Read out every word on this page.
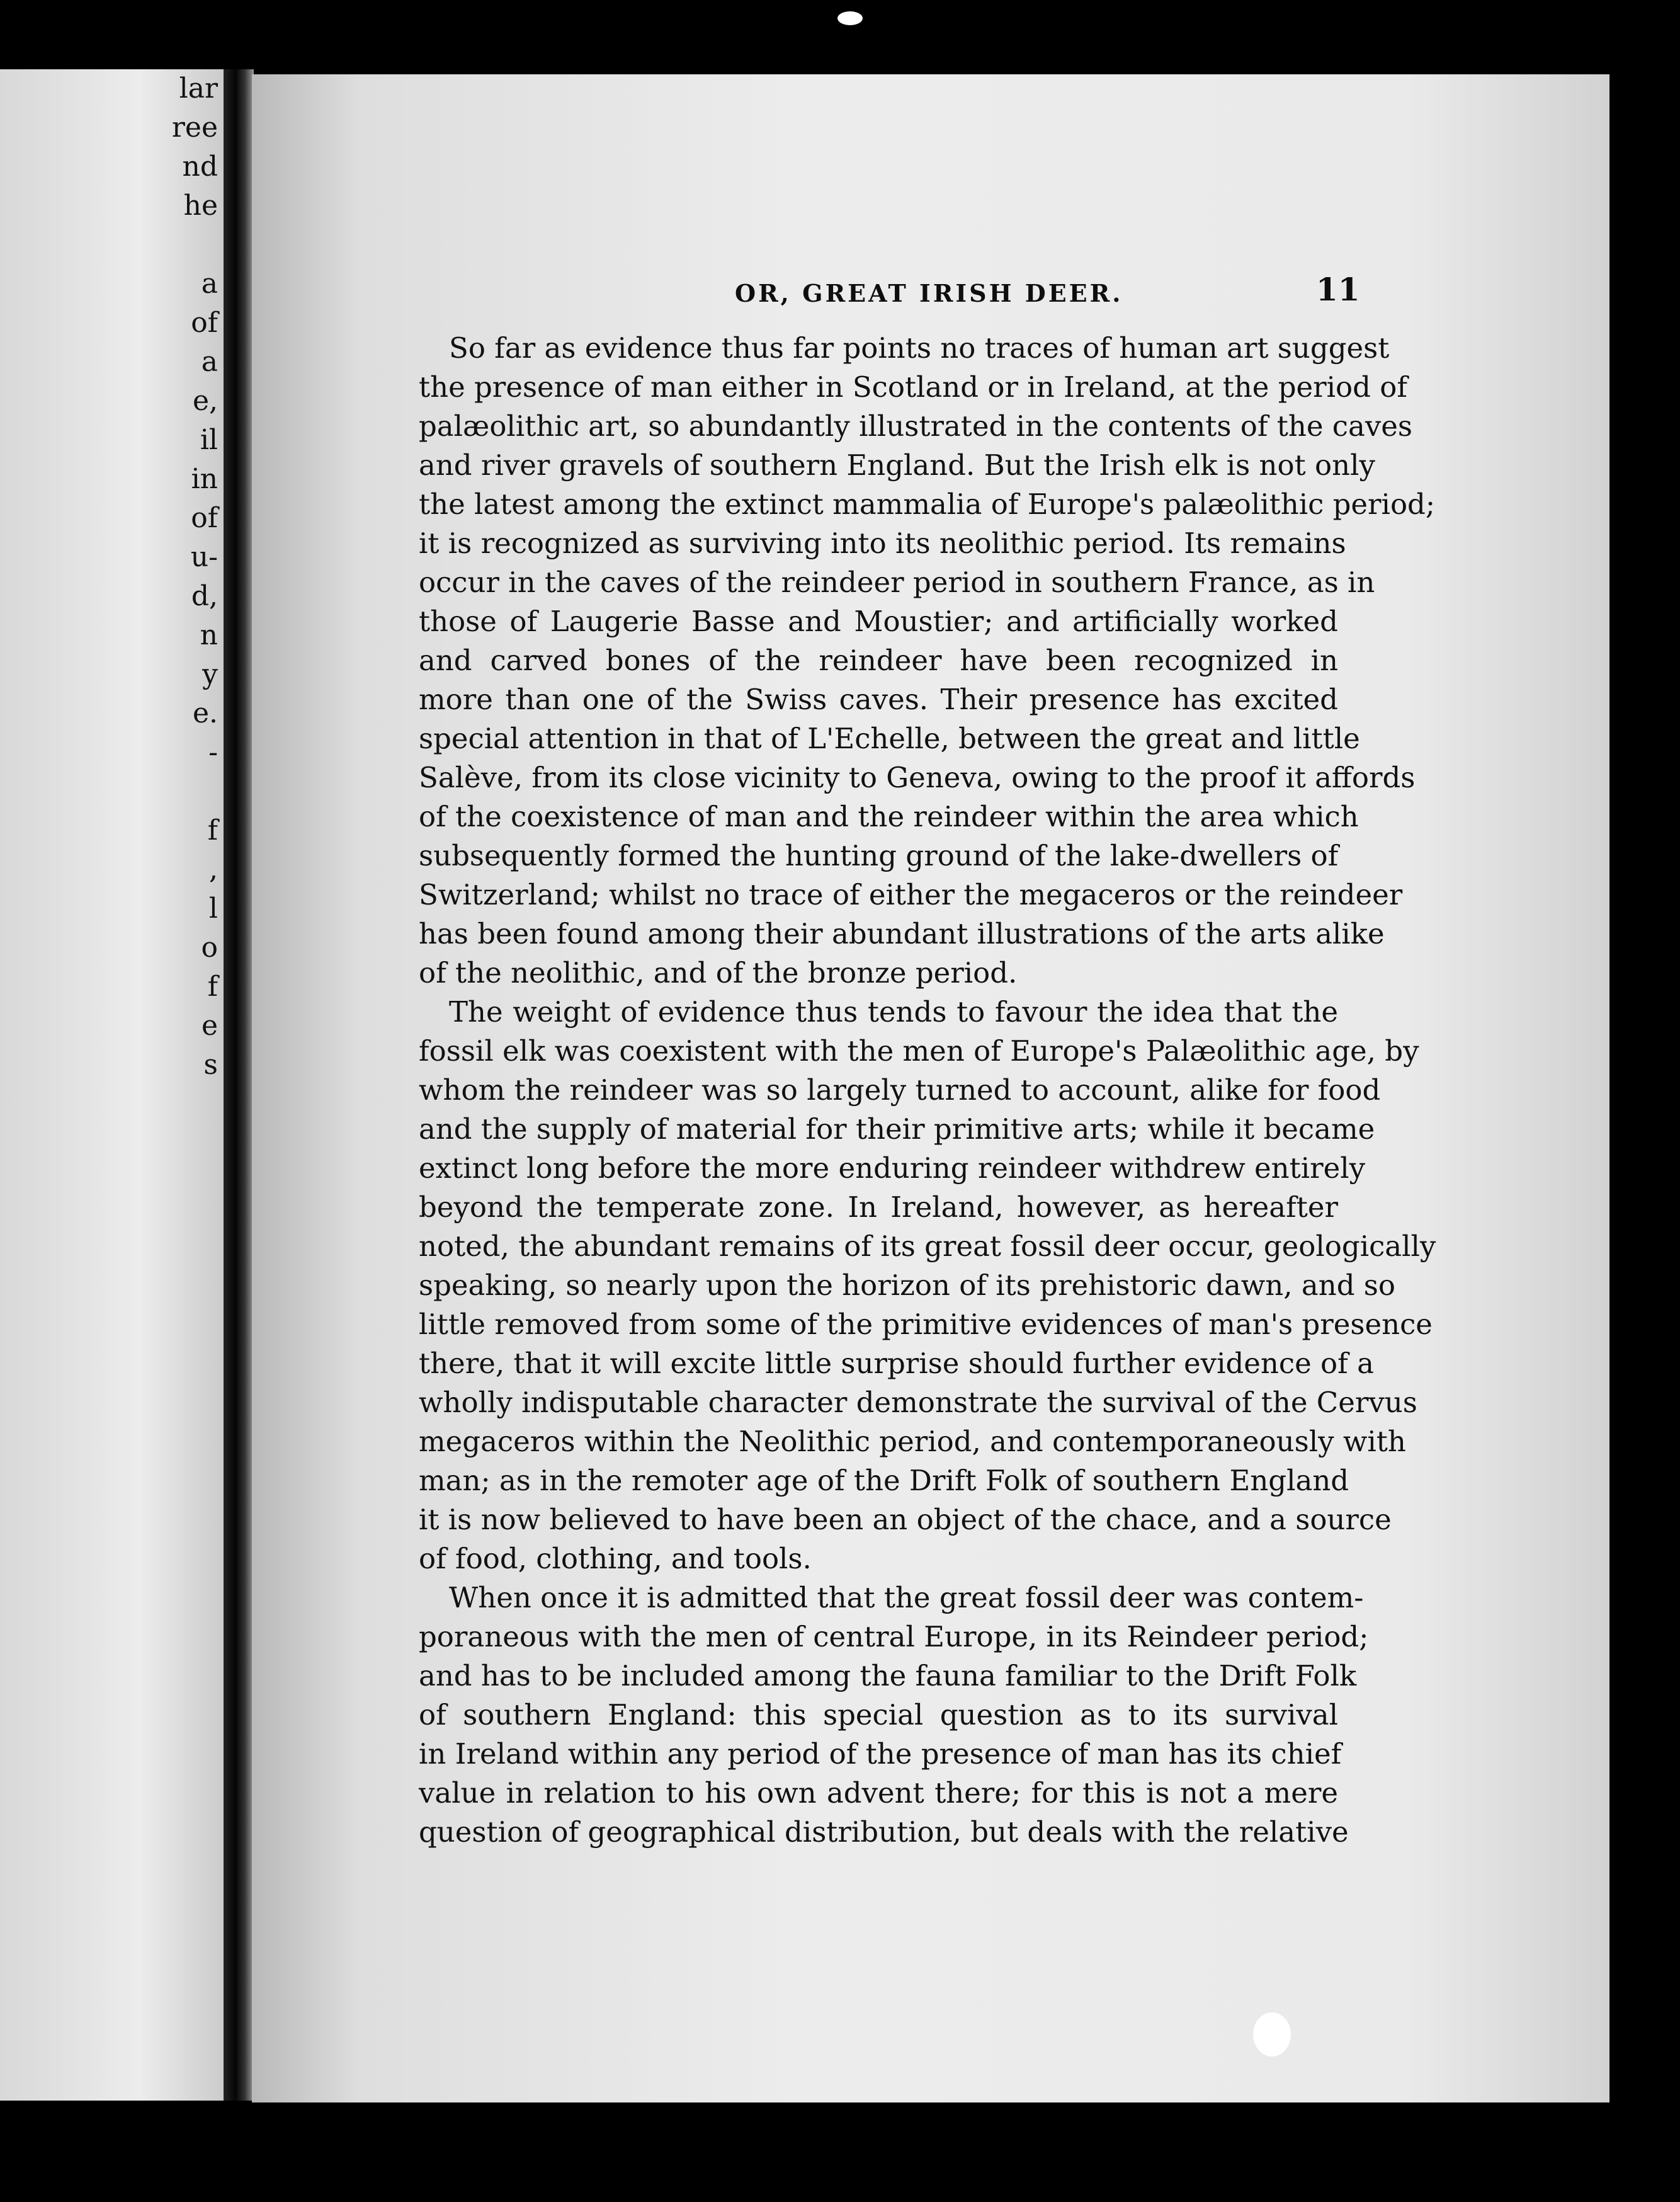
lar
ree
nd
he
a
of
a
e,
il
in
of
u-
d,
n
y
e.
-
f
,
l
o
f
e
s
OR, GREAT IRISH DEER.	11
So far as evidence thus far points no traces of human art suggest
the presence of man either in Scotland or in Ireland, at the period of
palæolithic art, so abundantly illustrated in the contents of the caves
and river gravels of southern England. But the Irish elk is not only
the latest among the extinct mammalia of Europe's palæolithic period;
it is recognized as surviving into its neolithic period. Its remains
occur in the caves of the reindeer period in southern France, as in
those of Laugerie Basse and Moustier; and artificially worked
and carved bones of the reindeer have been recognized in
more than one of the Swiss caves. Their presence has excited
special attention in that of L'Echelle, between the great and little
Salève, from its close vicinity to Geneva, owing to the proof it affords
of the coexistence of man and the reindeer within the area which
subsequently formed the hunting ground of the lake-dwellers of
Switzerland; whilst no trace of either the megaceros or the reindeer
has been found among their abundant illustrations of the arts alike
of the neolithic, and of the bronze period.
The weight of evidence thus tends to favour the idea that the
fossil elk was coexistent with the men of Europe's Palæolithic age, by
whom the reindeer was so largely turned to account, alike for food
and the supply of material for their primitive arts; while it became
extinct long before the more enduring reindeer withdrew entirely
beyond the temperate zone. In Ireland, however, as hereafter
noted, the abundant remains of its great fossil deer occur, geologically
speaking, so nearly upon the horizon of its prehistoric dawn, and so
little removed from some of the primitive evidences of man's presence
there, that it will excite little surprise should further evidence of a
wholly indisputable character demonstrate the survival of the Cervus
megaceros within the Neolithic period, and contemporaneously with
man; as in the remoter age of the Drift Folk of southern England
it is now believed to have been an object of the chace, and a source
of food, clothing, and tools.
When once it is admitted that the great fossil deer was contem-
poraneous with the men of central Europe, in its Reindeer period;
and has to be included among the fauna familiar to the Drift Folk
of southern England: this special question as to its survival
in Ireland within any period of the presence of man has its chief
value in relation to his own advent there; for this is not a mere
question of geographical distribution, but deals with the relative
